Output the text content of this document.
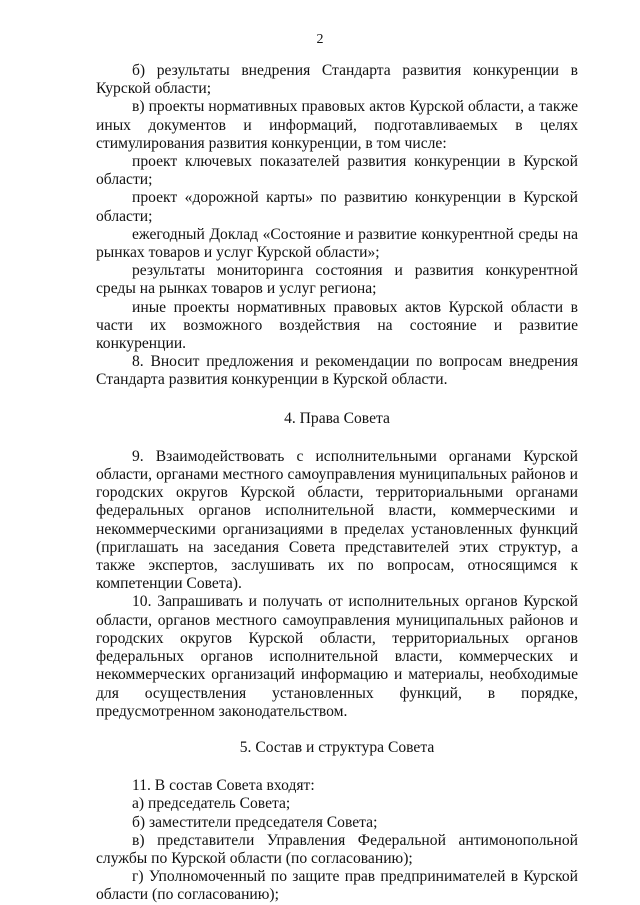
2

б) результаты внедрения Стандарта развития конкуренции в Курской области;

в) проекты нормативных правовых актов Курской области, а также иных документов и информаций, подготавливаемых в целях стимулирования развития конкуренции, в том числе:

проект ключевых показателей развития конкуренции в Курской области;

проект «дорожной карты» по развитию конкуренции в Курской области;

ежегодный Доклад «Состояние и развитие конкурентной среды на рынках товаров и услуг Курской области»;

результаты мониторинга состояния и развития конкурентной среды на рынках товаров и услуг региона;

иные проекты нормативных правовых актов Курской области в части их возможного воздействия на состояние и развитие конкуренции.

8. Вносит предложения и рекомендации по вопросам внедрения Стандарта развития конкуренции в Курской области.

4. Права Совета

9. Взаимодействовать с исполнительными органами Курской области, органами местного самоуправления муниципальных районов и городских округов Курской области, территориальными органами федеральных органов исполнительной власти, коммерческими и некоммерческими организациями в пределах установленных функций (приглашать на заседания Совета представителей этих структур, а также экспертов, заслушивать их по вопросам, относящимся к компетенции Совета).

10. Запрашивать и получать от исполнительных органов Курской области, органов местного самоуправления муниципальных районов и городских округов Курской области, территориальных органов федеральных органов исполнительной власти, коммерческих и некоммерческих организаций информацию и материалы, необходимые для осуществления установленных функций, в порядке, предусмотренном законодательством.

5. Состав и структура Совета

11. В состав Совета входят:

а) председатель Совета;

б) заместители председателя Совета;

в) представители Управления Федеральной антимонопольной службы по Курской области (по согласованию);

г) Уполномоченный по защите прав предпринимателей в Курской области (по согласованию);
